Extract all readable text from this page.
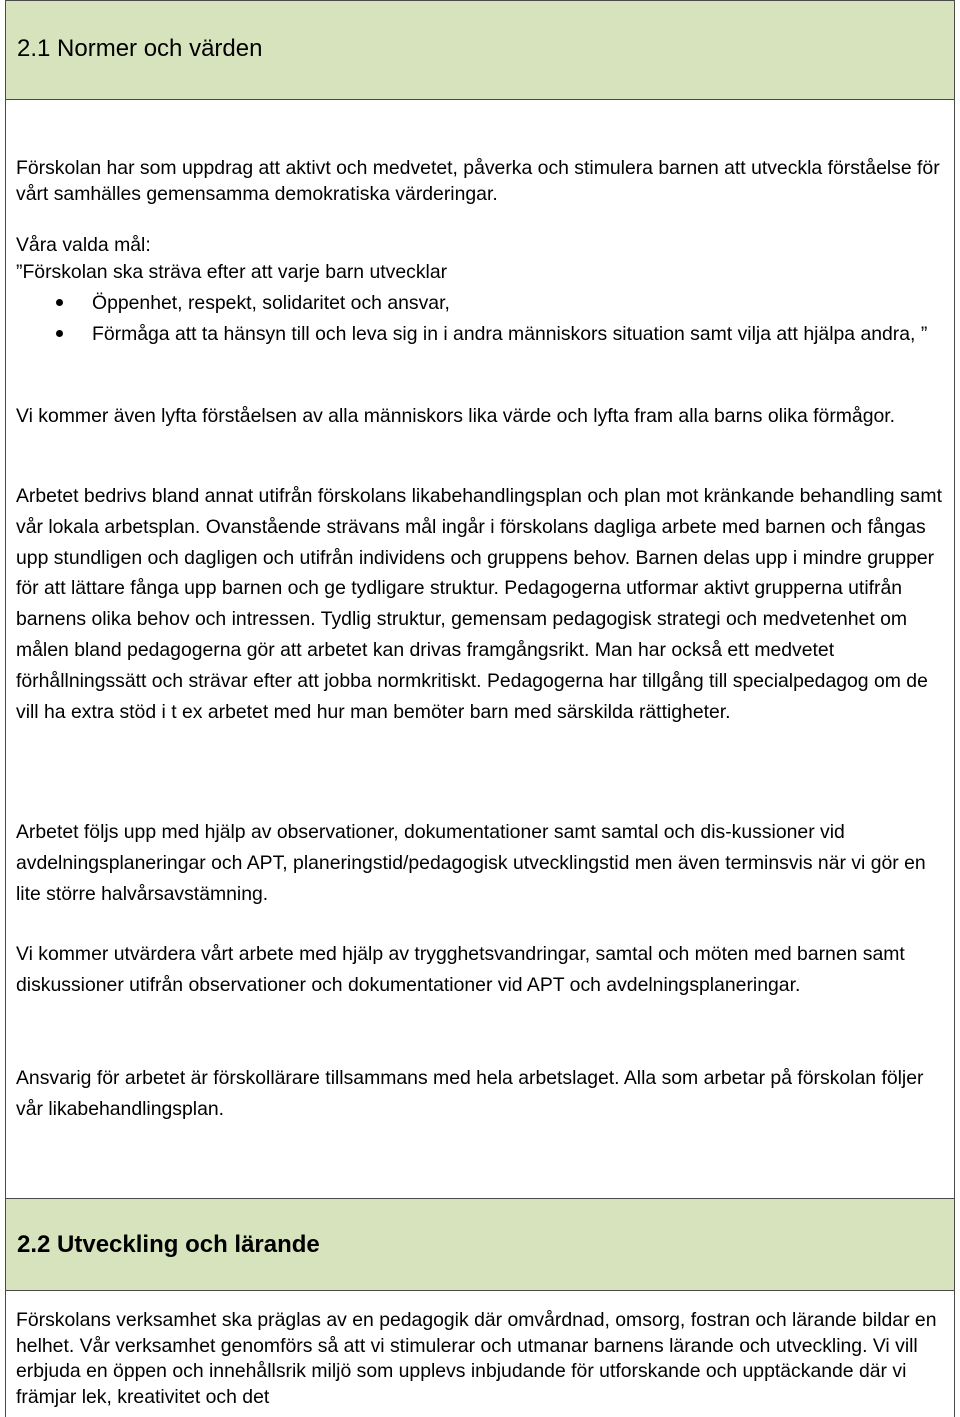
2.1 Normer och värden

Förskolan har som uppdrag att aktivt och medvetet, påverka och stimulera barnen att utveckla förståelse för vårt samhälles gemensamma demokratiska värderingar.

Våra valda mål:

”Förskolan ska sträva efter att varje barn utvecklar

Öppenhet, respekt, solidaritet och ansvar,
Förmåga att ta hänsyn till och leva sig in i andra människors situation samt vilja att hjälpa andra, ”

Vi kommer även lyfta förståelsen av alla människors lika värde och lyfta fram alla barns olika förmågor.

Arbetet bedrivs bland annat utifrån förskolans likabehandlingsplan och plan mot kränkande behandling samt vår lokala arbetsplan. Ovanstående strävans mål ingår i förskolans dagliga arbete med barnen och fångas upp stundligen och dagligen och utifrån individens och gruppens behov. Barnen delas upp i mindre grupper för att lättare fånga upp barnen och ge tydligare struktur. Pedagogerna utformar aktivt grupperna utifrån barnens olika behov och intressen. Tydlig struktur, gemensam pedagogisk strategi och medvetenhet om målen bland pedagogerna gör att arbetet kan drivas framgångsrikt. Man har också ett medvetet förhållningssätt och strävar efter att jobba normkritiskt. Pedagogerna har tillgång till specialpedagog om de vill ha extra stöd i t ex arbetet med hur man bemöter barn med särskilda rättigheter.

Arbetet följs upp med hjälp av observationer, dokumentationer samt samtal och dis-kussioner vid avdelningsplaneringar och APT, planeringstid/pedagogisk utvecklingstid men även terminsvis när vi gör en lite större halvårsavstämning.

Vi kommer utvärdera vårt arbete med hjälp av trygghetsvandringar, samtal och möten med barnen samt diskussioner utifrån observationer och dokumentationer vid APT och avdelningsplaneringar.

Ansvarig för arbetet är förskollärare tillsammans med hela arbetslaget. Alla som arbetar på förskolan följer vår likabehandlingsplan.

2.2 Utveckling och lärande

Förskolans verksamhet ska präglas av en pedagogik där omvårdnad, omsorg, fostran och lärande bildar en helhet. Vår verksamhet genomförs så att vi stimulerar och utmanar barnens lärande och utveckling. Vi vill erbjuda en öppen och innehållsrik miljö som upplevs inbjudande för utforskande och upptäckande där vi främjar lek, kreativitet och det
